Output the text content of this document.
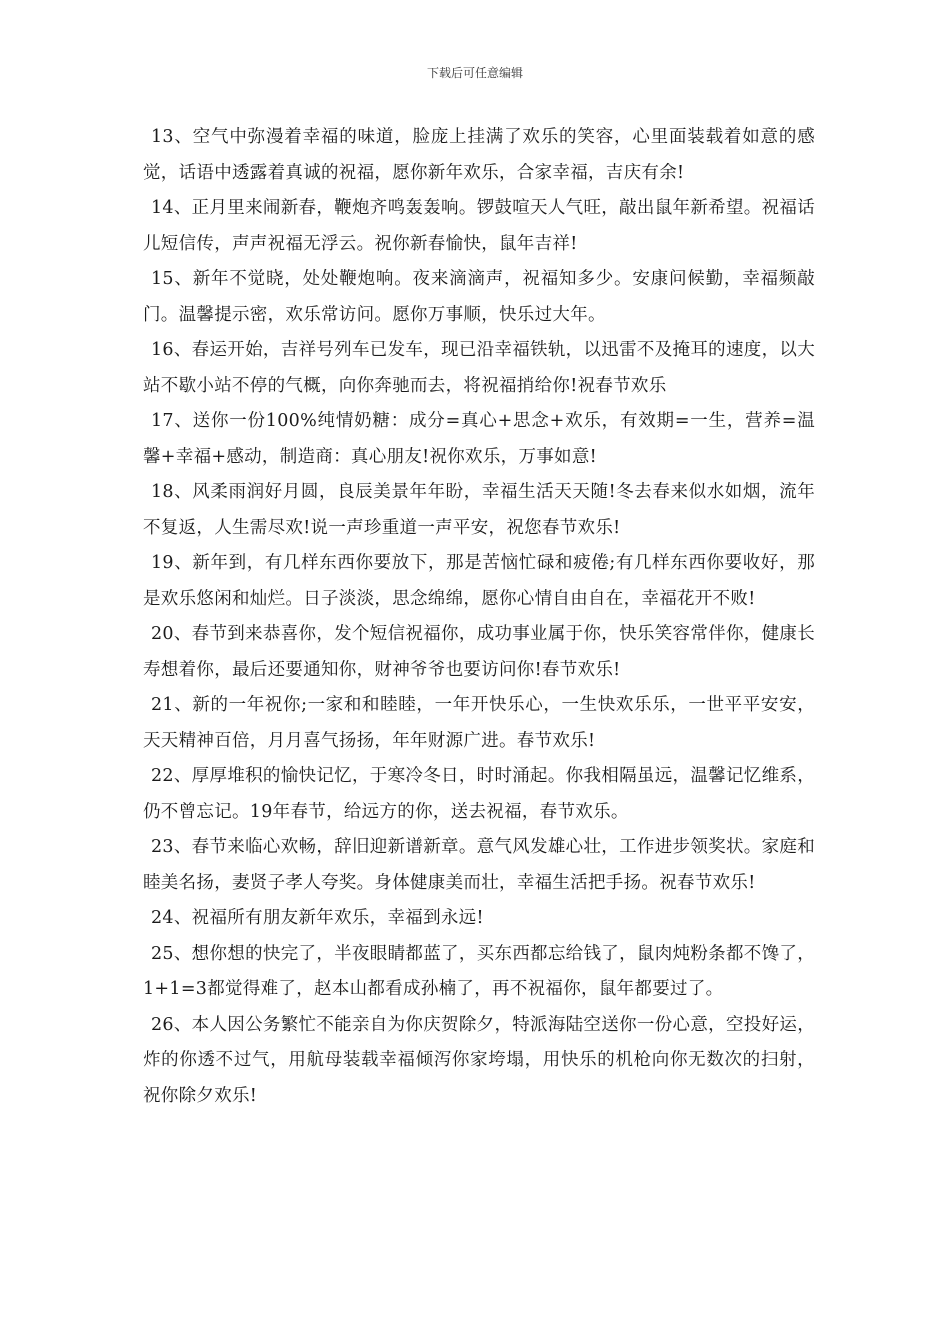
下载后可任意编辑

13、空气中弥漫着幸福的味道，脸庞上挂满了欢乐的笑容，心里面装载着如意的感觉，话语中透露着真诚的祝福，愿你新年欢乐，合家幸福，吉庆有余!

14、正月里来闹新春，鞭炮齐鸣轰轰响。锣鼓喧天人气旺，敲出鼠年新希望。祝福话儿短信传，声声祝福无浮云。祝你新春愉快，鼠年吉祥!

15、新年不觉晓，处处鞭炮响。夜来滴滴声，祝福知多少。安康问候勤，幸福频敲门。温馨提示密，欢乐常访问。愿你万事顺，快乐过大年。

16、春运开始，吉祥号列车已发车，现已沿幸福铁轨，以迅雷不及掩耳的速度，以大站不歇小站不停的气概，向你奔驰而去，将祝福捎给你!祝春节欢乐

17、送你一份100%纯情奶糖：成分=真心+思念+欢乐，有效期=一生，营养=温馨+幸福+感动，制造商：真心朋友!祝你欢乐，万事如意!

18、风柔雨润好月圆，良辰美景年年盼，幸福生活天天随!冬去春来似水如烟，流年不复返，人生需尽欢!说一声珍重道一声平安，祝您春节欢乐!

19、新年到，有几样东西你要放下，那是苦恼忙碌和疲倦;有几样东西你要收好，那是欢乐悠闲和灿烂。日子淡淡，思念绵绵，愿你心情自由自在，幸福花开不败!

20、春节到来恭喜你，发个短信祝福你，成功事业属于你，快乐笑容常伴你，健康长寿想着你，最后还要通知你，财神爷爷也要访问你!春节欢乐!

21、新的一年祝你;一家和和睦睦，一年开快乐心，一生快欢乐乐，一世平平安安，天天精神百倍，月月喜气扬扬，年年财源广进。春节欢乐!

22、厚厚堆积的愉快记忆，于寒冷冬日，时时涌起。你我相隔虽远，温馨记忆维系，仍不曾忘记。19年春节，给远方的你，送去祝福，春节欢乐。

23、春节来临心欢畅，辞旧迎新谱新章。意气风发雄心壮，工作进步领奖状。家庭和睦美名扬，妻贤子孝人夸奖。身体健康美而壮，幸福生活把手扬。祝春节欢乐!

24、祝福所有朋友新年欢乐，幸福到永远!

25、想你想的快完了，半夜眼睛都蓝了，买东西都忘给钱了，鼠肉炖粉条都不馋了，1+1=3都觉得难了，赵本山都看成孙楠了，再不祝福你，鼠年都要过了。

26、本人因公务繁忙不能亲自为你庆贺除夕，特派海陆空送你一份心意，空投好运，炸的你透不过气，用航母装载幸福倾泻你家垮塌，用快乐的机枪向你无数次的扫射，祝你除夕欢乐!
